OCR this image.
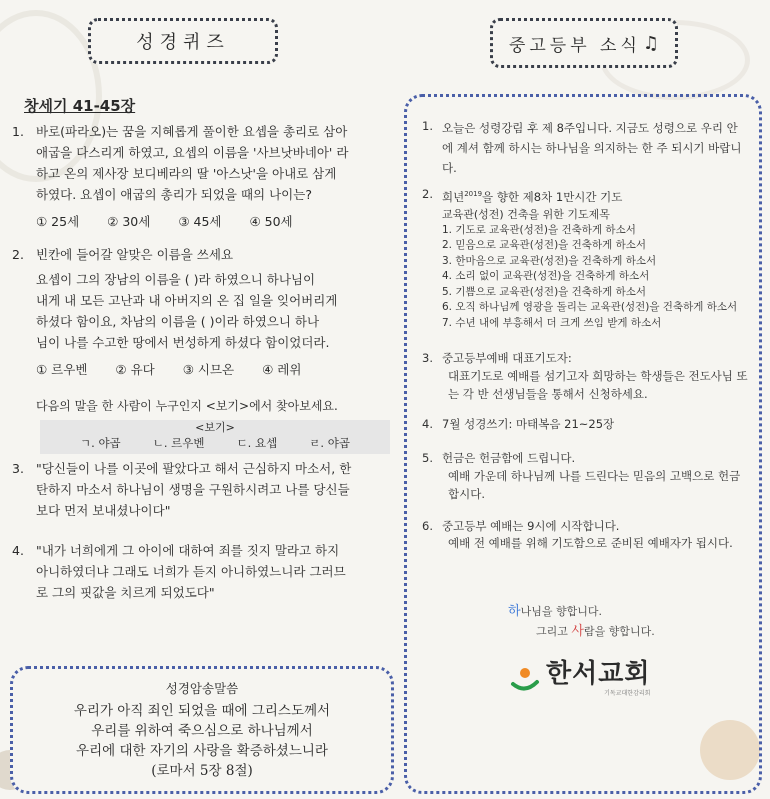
성경퀴즈
창세기 41-45장
1. 바로(파라오)는 꿈을 지혜롭게 풀이한 요셉을 총리로 삼아
애굽을 다스리게 하였고, 요셉의 이름을 '사브낫바네아' 라
하고 온의 제사장 보디베라의 딸 '아스낫'을 아내로 삼게
하였다. 요셉이 애굽의 총리가 되었을 때의 나이는?
① 25세 ② 30세 ③ 45세 ④ 50세
2. 빈칸에 들어갈 알맞은 이름을 쓰세요
요셉이 그의 장남의 이름을 ( )라 하였으니 하나님이
내게 내 모든 고난과 내 아버지의 온 집 일을 잊어버리게
하셨다 함이요, 차남의 이름을 ( )이라 하였으니 하나
님이 나를 수고한 땅에서 번성하게 하셨다 함이었더라.
① 르우벤 ② 유다 ③ 시므온 ④ 레위
다음의 말을 한 사람이 누구인지 <보기>에서 찾아보세요.
<보기>
ㄱ. 야곱	ㄴ. 르우벤	ㄷ. 요셉	ㄹ. 야곱
3. "당신들이 나를 이곳에 팔았다고 해서 근심하지 마소서, 한
탄하지 마소서 하나님이 생명을 구원하시려고 나를 당신들
보다 먼저 보내셨나이다"
4. "내가 너희에게 그 아이에 대하여 죄를 짓지 말라고 하지
아니하였더냐 그래도 너희가 듣지 아니하였느니라 그러므
로 그의 핏값을 치르게 되었도다"
성경암송말씀
우리가 아직 죄인 되었을 때에 그리스도께서
우리를 위하여 죽으심으로 하나님께서
우리에 대한 자기의 사랑을 확증하셨느니라
(로마서 5장 8절)
중고등부 소식 ♫
1. 오늘은 성령강림 후 제 8주입니다. 지금도 성령으로 우리 안에 계셔 함께 하시는 하나님을 의지하는 한 주 되시기 바랍니다.
2. 희년$^{2019}$을 향한 제8차 1만시간 기도
교육관(성전) 건축을 위한 기도제목
1. 기도로 교육관(성전)을 건축하게 하소서
2. 믿음으로 교육관(성전)을 건축하게 하소서
3. 한마음으로 교육관(성전)을 건축하게 하소서
4. 소리 없이 교육관(성전)을 건축하게 하소서
5. 기쁨으로 교육관(성전)을 건축하게 하소서
6. 오직 하나님께 영광을 돌리는 교육관(성전)을 건축하게 하소서
7. 수년 내에 부흥해서 더 크게 쓰임 받게 하소서
3. 중고등부예배 대표기도자:
대표기도로 예배를 섬기고자 희망하는 학생들은 전도사님 또는 각 반 선생님들을 통해서 신청하세요.
4. 7월 성경쓰기: 마태복음 21~25장
5. 헌금은 헌금함에 드립니다.
예배 가운데 하나님께 나를 드린다는 믿음의 고백으로 헌금합시다.
6. 중고등부 예배는 9시에 시작합니다.
예배 전 예배를 위해 기도함으로 준비된 예배자가 됩시다.
하나님을 향합니다.
그리고 사람을 향합니다.
한서교회
기독교대한감리회
